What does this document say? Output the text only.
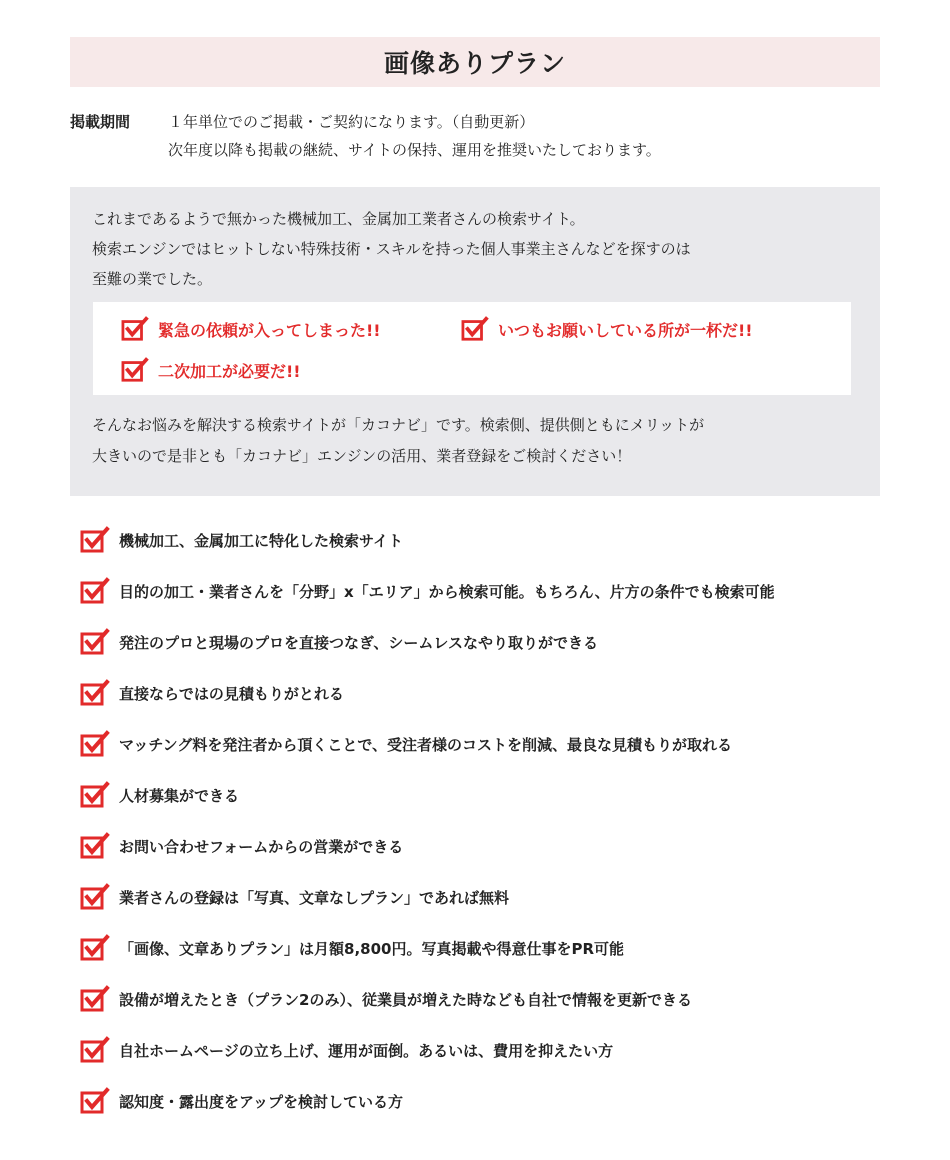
画像ありプラン
掲載期間	１年単位でのご掲載・ご契約になります。（自動更新）
次年度以降も掲載の継続、サイトの保持、運用を推奨いたしております。
これまであるようで無かった機械加工、金属加工業者さんの検索サイト。
検索エンジンではヒットしない特殊技術・スキルを持った個人事業主さんなどを探すのは
至難の業でした。
緊急の依頼が入ってしまった!!	いつもお願いしている所が一杯だ!!
二次加工が必要だ!!
そんなお悩みを解決する検索サイトが「カコナビ」です。検索側、提供側ともにメリットが
大きいので是非とも「カコナビ」エンジンの活用、業者登録をご検討ください！
機械加工、金属加工に特化した検索サイト
目的の加工・業者さんを「分野」x「エリア」から検索可能。もちろん、片方の条件でも検索可能
発注のプロと現場のプロを直接つなぎ、シームレスなやり取りができる
直接ならではの見積もりがとれる
マッチング料を発注者から頂くことで、受注者様のコストを削減、最良な見積もりが取れる
人材募集ができる
お問い合わせフォームからの営業ができる
業者さんの登録は「写真、文章なしプラン」であれば無料
「画像、文章ありプラン」は月額8,800円。写真掲載や得意仕事をPR可能
設備が増えたとき（プラン2のみ）、従業員が増えた時なども自社で情報を更新できる
自社ホームページの立ち上げ、運用が面倒。あるいは、費用を抑えたい方
認知度・露出度をアップを検討している方
